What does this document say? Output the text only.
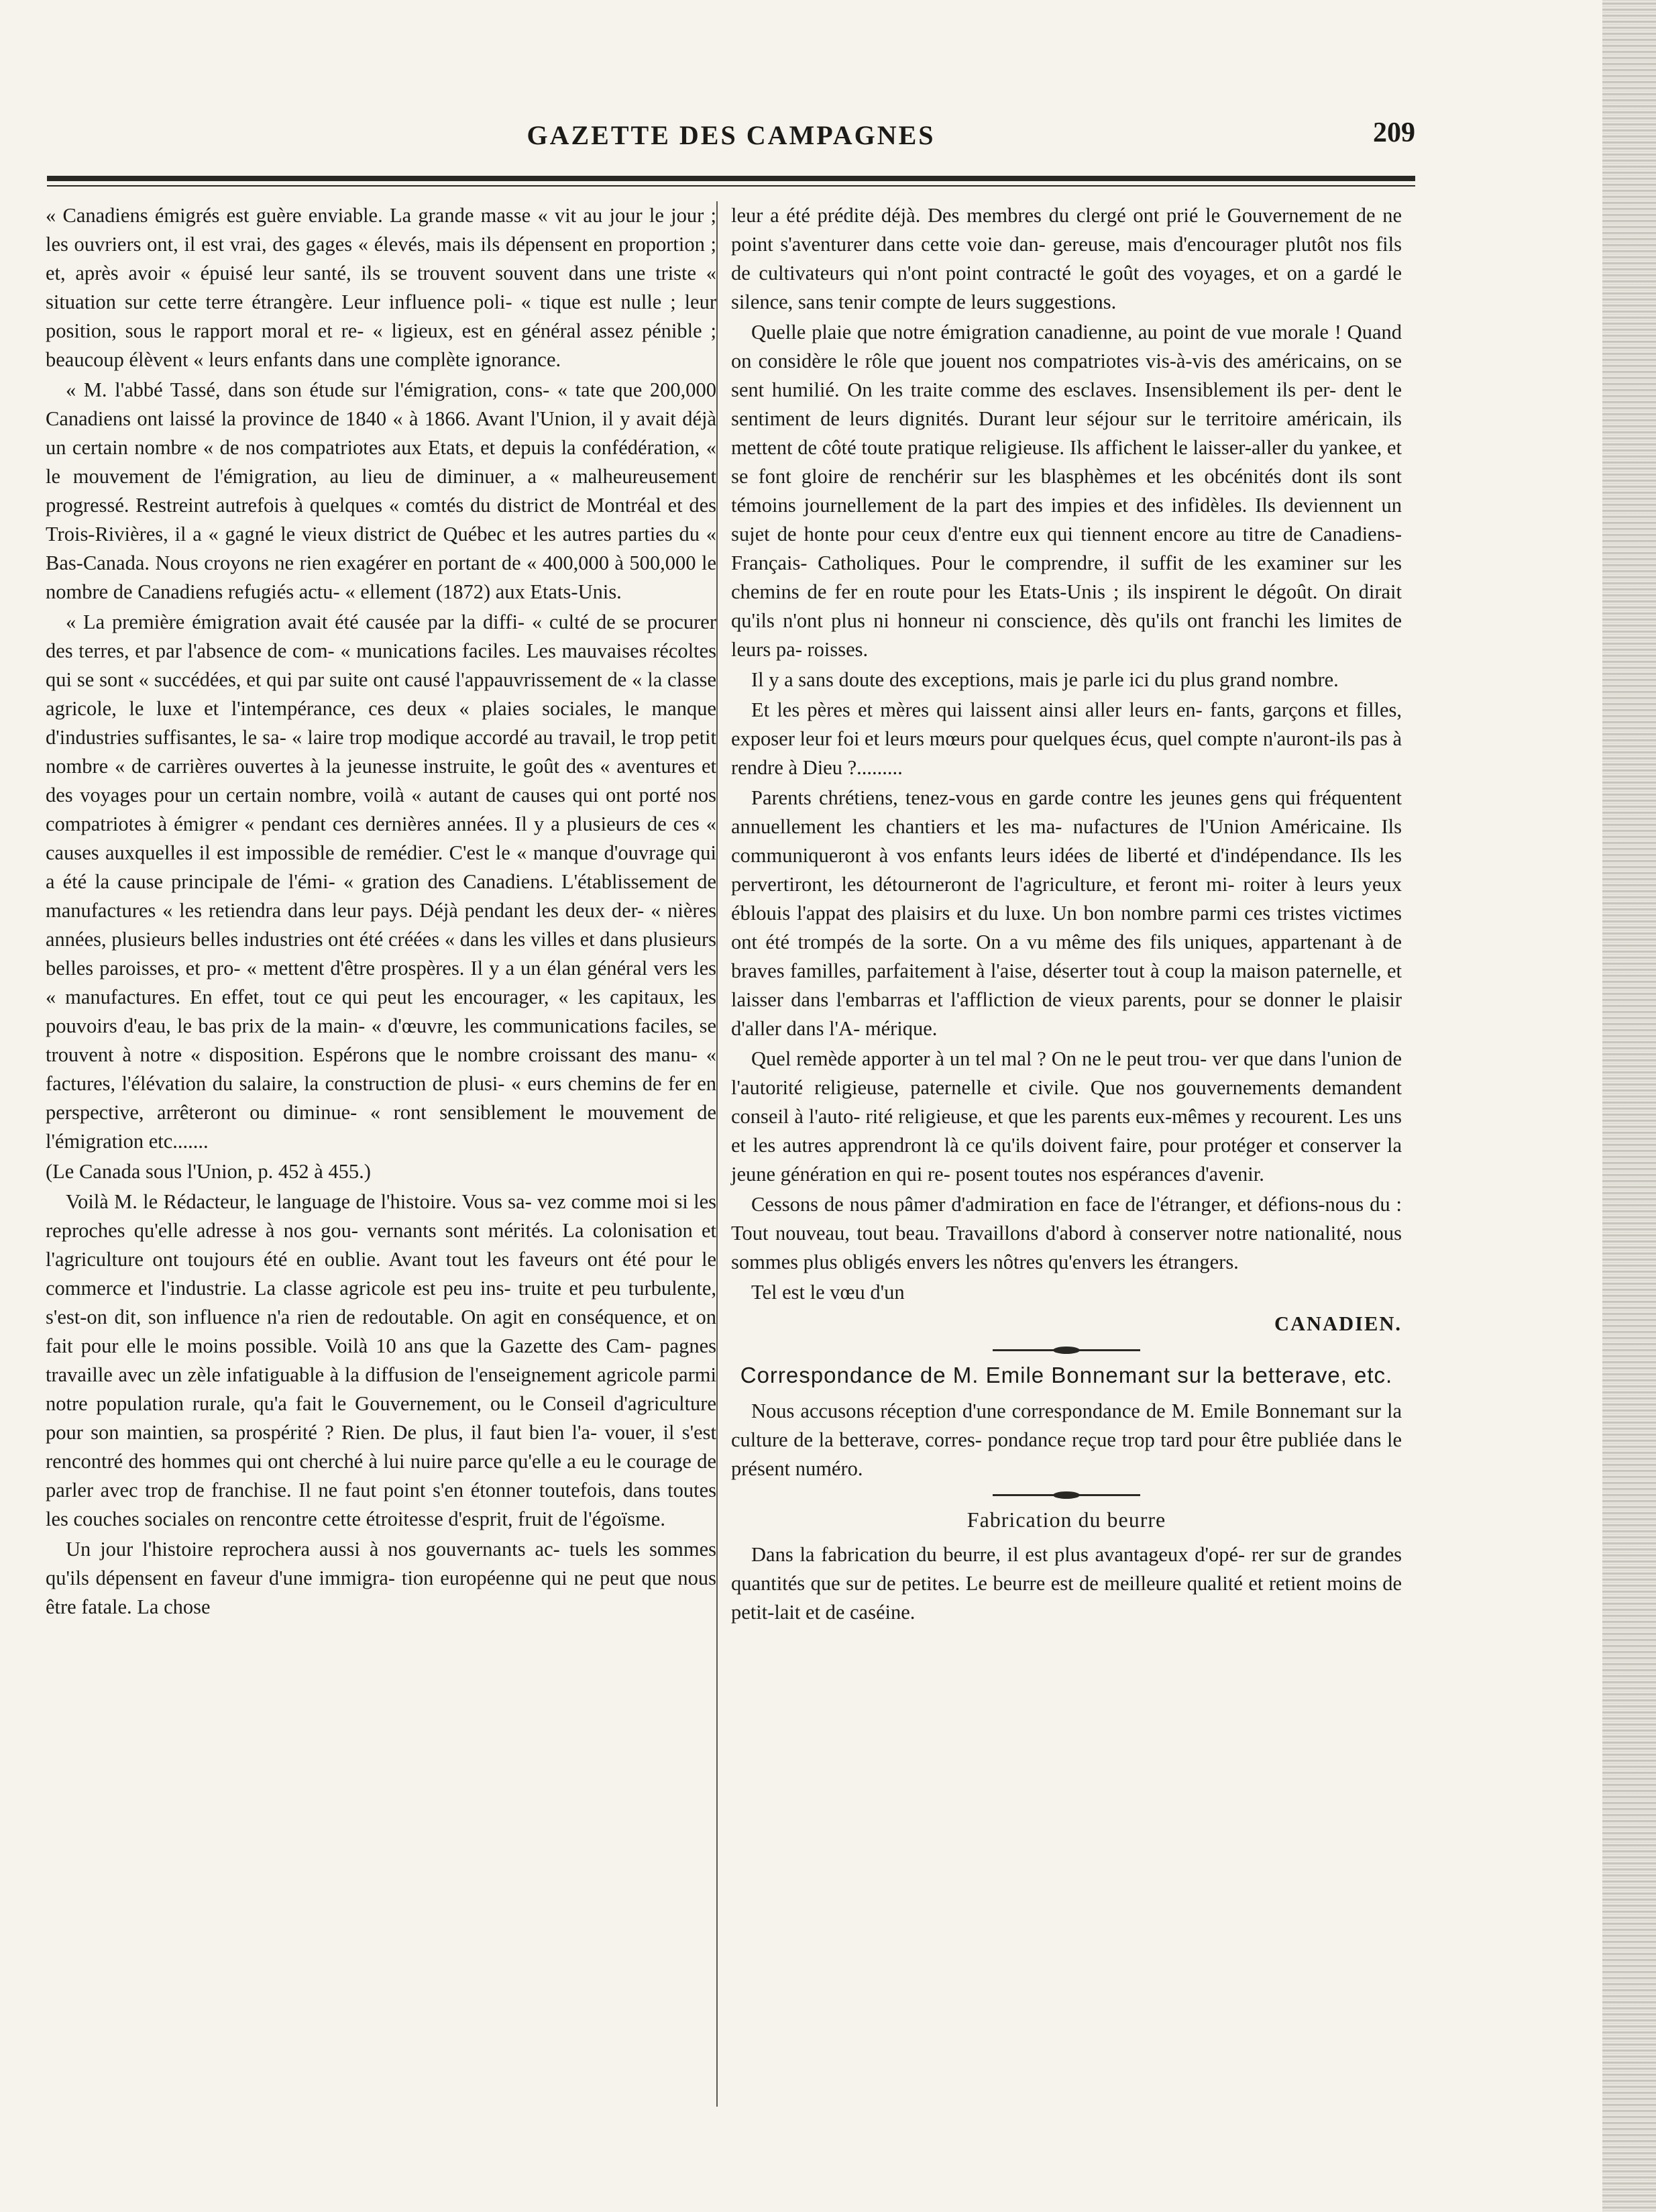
GAZETTE DES CAMPAGNES	209

« Canadiens émigrés est guère enviable. La grande masse « vit au jour le jour ; les ouvriers ont, il est vrai, des gages « élevés, mais ils dépensent en proportion ; et, après avoir « épuisé leur santé, ils se trouvent souvent dans une triste « situation sur cette terre étrangère. Leur influence poli- « tique est nulle ; leur position, sous le rapport moral et re- « ligieux, est en général assez pénible ; beaucoup élèvent « leurs enfants dans une complète ignorance.

« M. l'abbé Tassé, dans son étude sur l'émigration, cons- « tate que 200,000 Canadiens ont laissé la province de 1840 « à 1866. Avant l'Union, il y avait déjà un certain nombre « de nos compatriotes aux Etats, et depuis la confédération, « le mouvement de l'émigration, au lieu de diminuer, a « malheureusement progressé. Restreint autrefois à quelques « comtés du district de Montréal et des Trois-Rivières, il a « gagné le vieux district de Québec et les autres parties du « Bas-Canada. Nous croyons ne rien exagérer en portant de « 400,000 à 500,000 le nombre de Canadiens refugiés actu- « ellement (1872) aux Etats-Unis.

« La première émigration avait été causée par la diffi- « culté de se procurer des terres, et par l'absence de com- « munications faciles. Les mauvaises récoltes qui se sont « succédées, et qui par suite ont causé l'appauvrissement de « la classe agricole, le luxe et l'intempérance, ces deux « plaies sociales, le manque d'industries suffisantes, le sa- « laire trop modique accordé au travail, le trop petit nombre « de carrières ouvertes à la jeunesse instruite, le goût des « aventures et des voyages pour un certain nombre, voilà « autant de causes qui ont porté nos compatriotes à émigrer « pendant ces dernières années. Il y a plusieurs de ces « causes auxquelles il est impossible de remédier. C'est le « manque d'ouvrage qui a été la cause principale de l'émi- « gration des Canadiens. L'établissement de manufactures « les retiendra dans leur pays. Déjà pendant les deux der- « nières années, plusieurs belles industries ont été créées « dans les villes et dans plusieurs belles paroisses, et pro- « mettent d'être prospères. Il y a un élan général vers les « manufactures. En effet, tout ce qui peut les encourager, « les capitaux, les pouvoirs d'eau, le bas prix de la main- « d'œuvre, les communications faciles, se trouvent à notre « disposition. Espérons que le nombre croissant des manu- « factures, l'élévation du salaire, la construction de plusi- « eurs chemins de fer en perspective, arrêteront ou diminue- « ront sensiblement le mouvement de l'émigration etc.......

(Le Canada sous l'Union, p. 452 à 455.)

Voilà M. le Rédacteur, le language de l'histoire. Vous sa- vez comme moi si les reproches qu'elle adresse à nos gou- vernants sont mérités. La colonisation et l'agriculture ont toujours été en oublie. Avant tout les faveurs ont été pour le commerce et l'industrie. La classe agricole est peu ins- truite et peu turbulente, s'est-on dit, son influence n'a rien de redoutable. On agit en conséquence, et on fait pour elle le moins possible. Voilà 10 ans que la Gazette des Cam- pagnes travaille avec un zèle infatiguable à la diffusion de l'enseignement agricole parmi notre population rurale, qu'a fait le Gouvernement, ou le Conseil d'agriculture pour son maintien, sa prospérité ? Rien. De plus, il faut bien l'a- vouer, il s'est rencontré des hommes qui ont cherché à lui nuire parce qu'elle a eu le courage de parler avec trop de franchise. Il ne faut point s'en étonner toutefois, dans toutes les couches sociales on rencontre cette étroitesse d'esprit, fruit de l'égoïsme.

Un jour l'histoire reprochera aussi à nos gouvernants ac- tuels les sommes qu'ils dépensent en faveur d'une immigra- tion européenne qui ne peut que nous être fatale. La chose

leur a été prédite déjà. Des membres du clergé ont prié le Gouvernement de ne point s'aventurer dans cette voie dan- gereuse, mais d'encourager plutôt nos fils de cultivateurs qui n'ont point contracté le goût des voyages, et on a gardé le silence, sans tenir compte de leurs suggestions.

Quelle plaie que notre émigration canadienne, au point de vue morale ! Quand on considère le rôle que jouent nos compatriotes vis-à-vis des américains, on se sent humilié. On les traite comme des esclaves. Insensiblement ils per- dent le sentiment de leurs dignités. Durant leur séjour sur le territoire américain, ils mettent de côté toute pratique religieuse. Ils affichent le laisser-aller du yankee, et se font gloire de renchérir sur les blasphèmes et les obcénités dont ils sont témoins journellement de la part des impies et des infidèles. Ils deviennent un sujet de honte pour ceux d'entre eux qui tiennent encore au titre de Canadiens-Français- Catholiques. Pour le comprendre, il suffit de les examiner sur les chemins de fer en route pour les Etats-Unis ; ils inspirent le dégoût. On dirait qu'ils n'ont plus ni honneur ni conscience, dès qu'ils ont franchi les limites de leurs pa- roisses.

Il y a sans doute des exceptions, mais je parle ici du plus grand nombre.

Et les pères et mères qui laissent ainsi aller leurs en- fants, garçons et filles, exposer leur foi et leurs mœurs pour quelques écus, quel compte n'auront-ils pas à rendre à Dieu ?.........

Parents chrétiens, tenez-vous en garde contre les jeunes gens qui fréquentent annuellement les chantiers et les ma- nufactures de l'Union Américaine. Ils communiqueront à vos enfants leurs idées de liberté et d'indépendance. Ils les pervertiront, les détourneront de l'agriculture, et feront mi- roiter à leurs yeux éblouis l'appat des plaisirs et du luxe. Un bon nombre parmi ces tristes victimes ont été trompés de la sorte. On a vu même des fils uniques, appartenant à de braves familles, parfaitement à l'aise, déserter tout à coup la maison paternelle, et laisser dans l'embarras et l'affliction de vieux parents, pour se donner le plaisir d'aller dans l'A- mérique.

Quel remède apporter à un tel mal ? On ne le peut trou- ver que dans l'union de l'autorité religieuse, paternelle et civile. Que nos gouvernements demandent conseil à l'auto- rité religieuse, et que les parents eux-mêmes y recourent. Les uns et les autres apprendront là ce qu'ils doivent faire, pour protéger et conserver la jeune génération en qui re- posent toutes nos espérances d'avenir.

Cessons de nous pâmer d'admiration en face de l'étranger, et défions-nous du : Tout nouveau, tout beau. Travaillons d'abord à conserver notre nationalité, nous sommes plus obligés envers les nôtres qu'envers les étrangers.

Tel est le vœu d'un

CANADIEN.
Correspondance de M. Emile Bonnemant sur la betterave, etc.

Nous accusons réception d'une correspondance de M. Emile Bonnemant sur la culture de la betterave, corres- pondance reçue trop tard pour être publiée dans le présent numéro.

Fabrication du beurre

Dans la fabrication du beurre, il est plus avantageux d'opé- rer sur de grandes quantités que sur de petites. Le beurre est de meilleure qualité et retient moins de petit-lait et de caséine.
